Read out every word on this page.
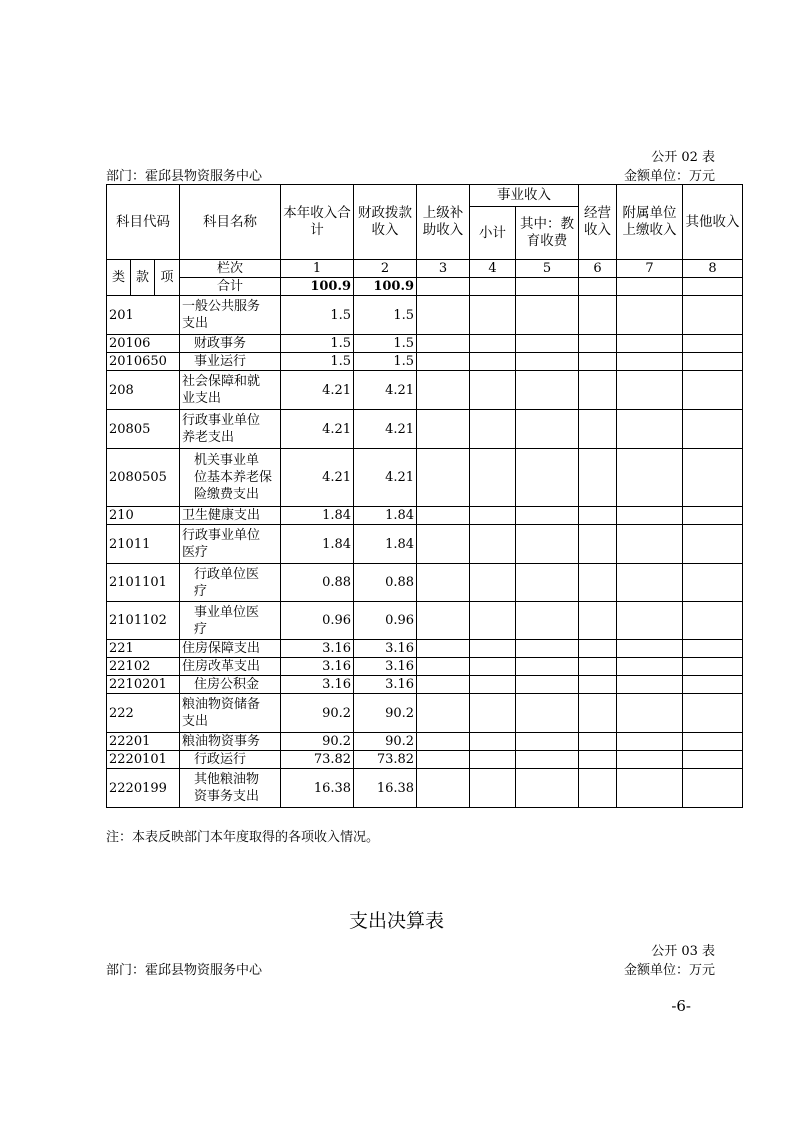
公开 02 表
部门：霍邱县物资服务中心	金额单位：万元
科目代码			科目名称	本年收入合计	财政拨款收入	上级补助收入	事业收入		经营收入	附属单位上缴收入	其他收入
							小计	其中：教育收费			
类	款	项	栏次	1	2	3	4	5	6	7	8
			合计	100.9	100.9						
201			一般公共服务
支出	1.5	1.5						
20106			财政事务	1.5	1.5						
2010650			事业运行	1.5	1.5						
208			社会保障和就
业支出	4.21	4.21						
20805			行政事业单位
养老支出	4.21	4.21						
2080505			机关事业单
位基本养老保
险缴费支出	4.21	4.21						
210			卫生健康支出	1.84	1.84						
21011			行政事业单位
医疗	1.84	1.84						
2101101			行政单位医
疗	0.88	0.88						
2101102			事业单位医
疗	0.96	0.96						
221			住房保障支出	3.16	3.16						
22102			住房改革支出	3.16	3.16						
2210201			住房公积金	3.16	3.16						
222			粮油物资储备
支出	90.2	90.2						
22201			粮油物资事务	90.2	90.2						
2220101			行政运行	73.82	73.82						
2220199			其他粮油物
资事务支出	16.38	16.38						
注：本表反映部门本年度取得的各项收入情况。
支出决算表
公开 03 表
部门：霍邱县物资服务中心	金额单位：万元
-6-
